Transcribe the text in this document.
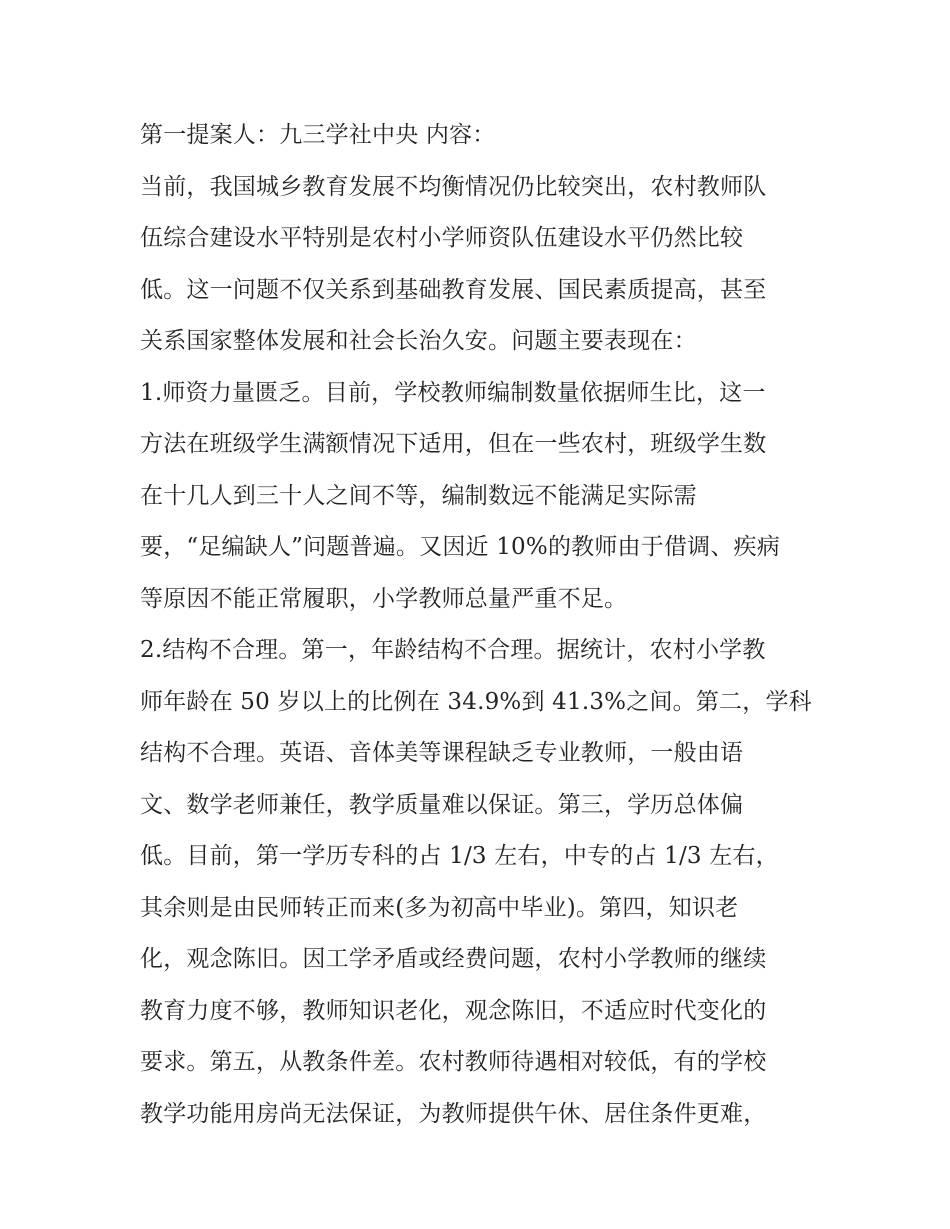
第一提案人：九三学社中央 内容：
当前，我国城乡教育发展不均衡情况仍比较突出，农村教师队
伍综合建设水平特别是农村小学师资队伍建设水平仍然比较
低。这一问题不仅关系到基础教育发展、国民素质提高，甚至
关系国家整体发展和社会长治久安。问题主要表现在：
1.师资力量匮乏。目前，学校教师编制数量依据师生比，这一
方法在班级学生满额情况下适用，但在一些农村，班级学生数
在十几人到三十人之间不等，编制数远不能满足实际需
要，“足编缺人”问题普遍。又因近 10%的教师由于借调、疾病
等原因不能正常履职，小学教师总量严重不足。
2.结构不合理。第一，年龄结构不合理。据统计，农村小学教
师年龄在 50 岁以上的比例在 34.9%到 41.3%之间。第二，学科
结构不合理。英语、音体美等课程缺乏专业教师，一般由语
文、数学老师兼任，教学质量难以保证。第三，学历总体偏
低。目前，第一学历专科的占 1/3 左右，中专的占 1/3 左右，
其余则是由民师转正而来(多为初高中毕业)。第四，知识老
化，观念陈旧。因工学矛盾或经费问题，农村小学教师的继续
教育力度不够，教师知识老化，观念陈旧，不适应时代变化的
要求。第五，从教条件差。农村教师待遇相对较低，有的学校
教学功能用房尚无法保证，为教师提供午休、居住条件更难，
